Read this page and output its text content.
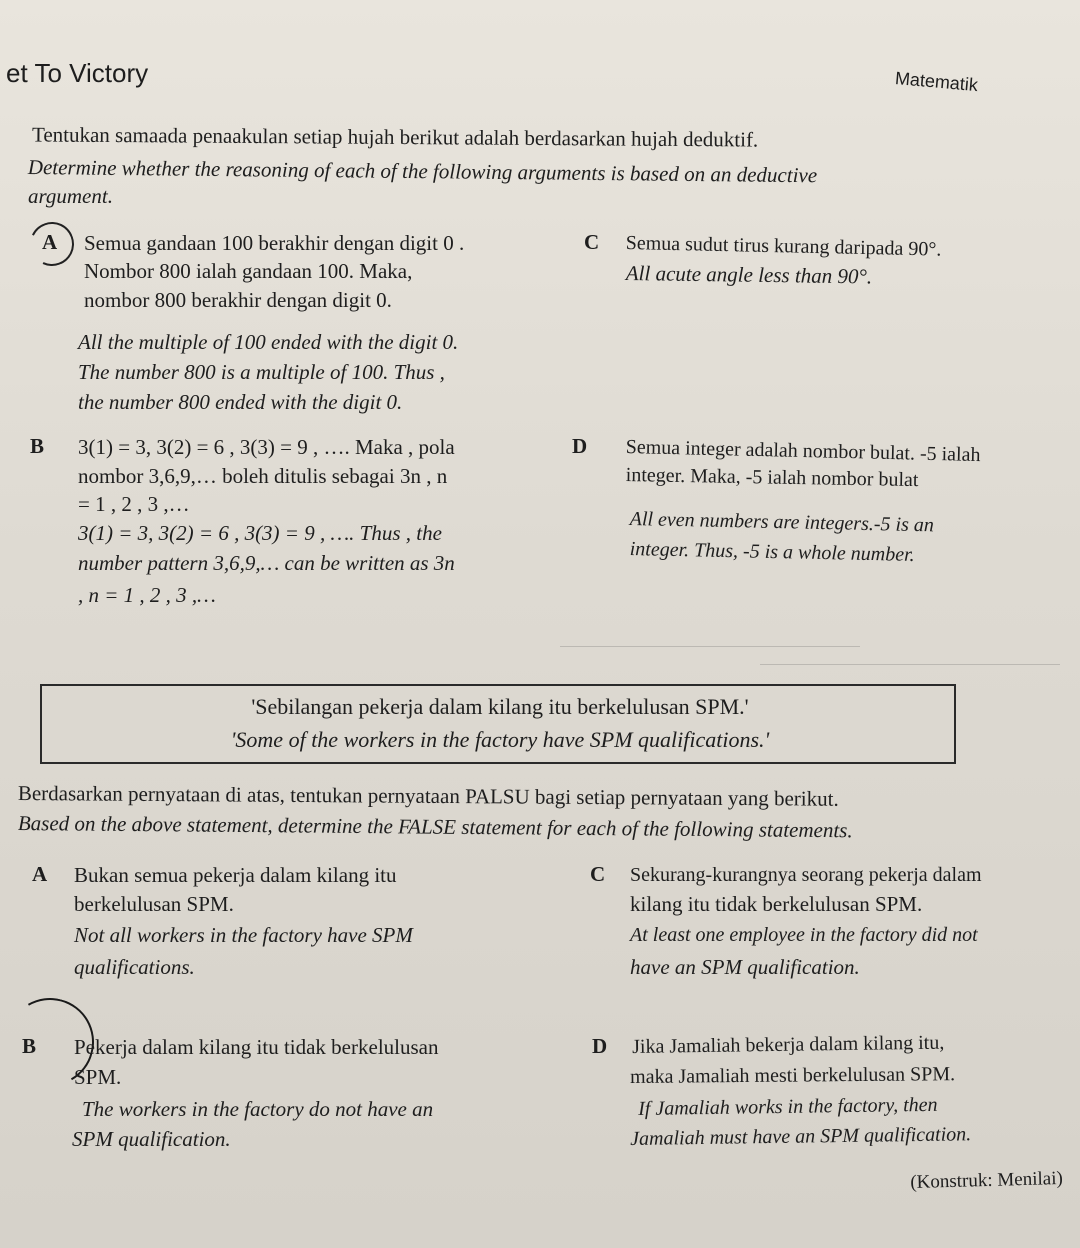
et To Victory	Matematik
Tentukan samaada penaakulan setiap hujah berikut adalah berdasarkan hujah deduktif.
Determine whether the reasoning of each of the following arguments is based on an deductive
argument.
A Semua gandaan 100 berakhir dengan digit 0 .
Nombor 800 ialah gandaan 100. Maka,
nombor 800 berakhir dengan digit 0.
All the multiple of 100 ended with the digit 0.
The number 800 is a multiple of 100. Thus ,
the number 800 ended with the digit 0.
C Semua sudut tirus kurang daripada 90°.
All acute angle less than 90°.
B 3(1) = 3, 3(2) = 6 , 3(3) = 9 , …. Maka , pola
nombor 3,6,9,… boleh ditulis sebagai 3n , n
= 1 , 2 , 3 ,…
3(1) = 3, 3(2) = 6 , 3(3) = 9 , …. Thus , the
number pattern 3,6,9,… can be written as 3n
, n = 1 , 2 , 3 ,…
D Semua integer adalah nombor bulat. -5 ialah
integer. Maka, -5 ialah nombor bulat
All even numbers are integers.-5 is an
integer. Thus, -5 is a whole number.
'Sebilangan pekerja dalam kilang itu berkelulusan SPM.'
'Some of the workers in the factory have SPM qualifications.'
Berdasarkan pernyataan di atas, tentukan pernyataan PALSU bagi setiap pernyataan yang berikut.
Based on the above statement, determine the FALSE statement for each of the following statements.
A Bukan semua pekerja dalam kilang itu
berkelulusan SPM.
Not all workers in the factory have SPM
qualifications.
C Sekurang-kurangnya seorang pekerja dalam
kilang itu tidak berkelulusan SPM.
At least one employee in the factory did not
have an SPM qualification.
B Pekerja dalam kilang itu tidak berkelulusan
SPM.
The workers in the factory do not have an
SPM qualification.
D Jika Jamaliah bekerja dalam kilang itu,
maka Jamaliah mesti berkelulusan SPM.
If Jamaliah works in the factory, then
Jamaliah must have an SPM qualification.
(Konstruk: Menilai)
